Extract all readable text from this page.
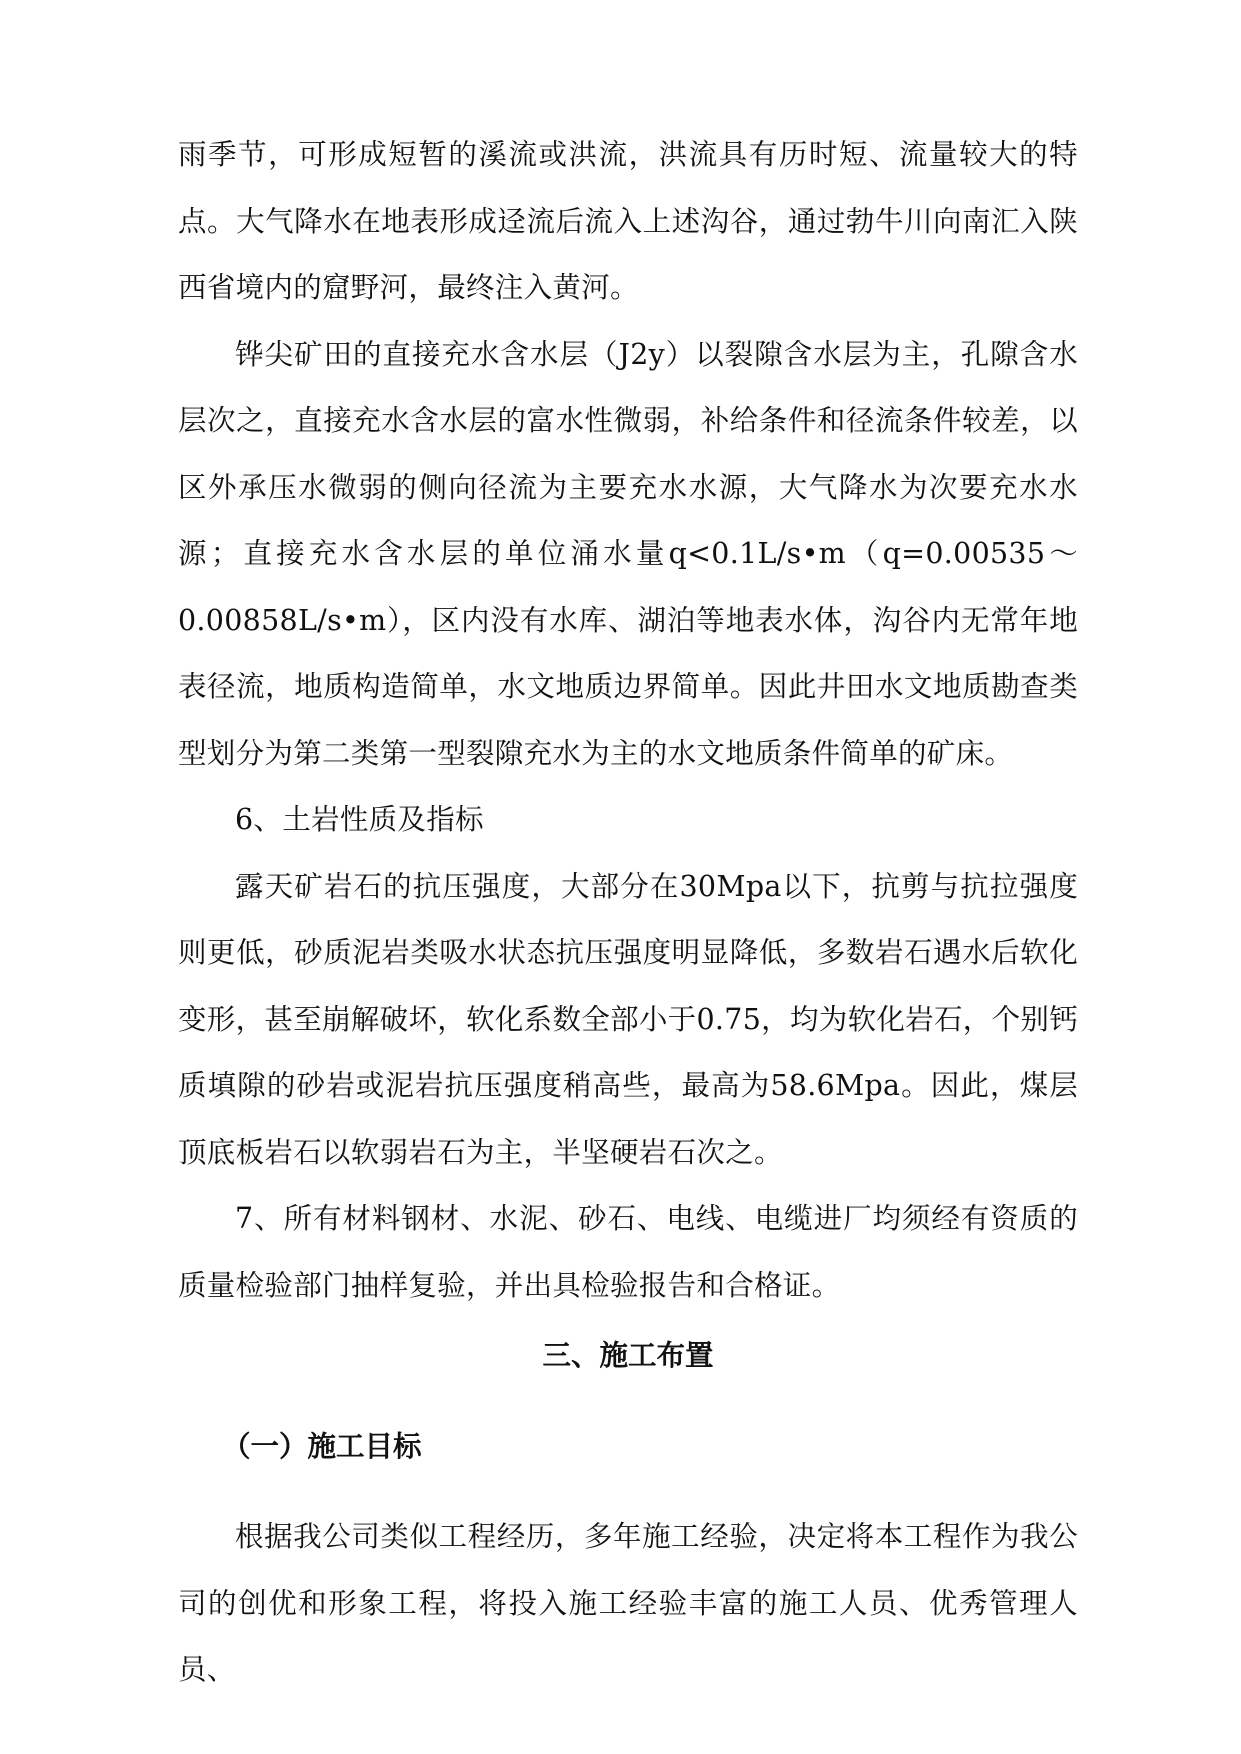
雨季节，可形成短暂的溪流或洪流，洪流具有历时短、流量较大的特点。大气降水在地表形成迳流后流入上述沟谷，通过勃牛川向南汇入陕西省境内的窟野河，最终注入黄河。

铧尖矿田的直接充水含水层（J2y）以裂隙含水层为主，孔隙含水层次之，直接充水含水层的富水性微弱，补给条件和径流条件较差，以区外承压水微弱的侧向径流为主要充水水源，大气降水为次要充水水源；直接充水含水层的单位涌水量q<0.1L/s•m（q=0.00535～0.00858L/s•m），区内没有水库、湖泊等地表水体，沟谷内无常年地表径流，地质构造简单，水文地质边界简单。因此井田水文地质勘查类型划分为第二类第一型裂隙充水为主的水文地质条件简单的矿床。

6、土岩性质及指标

露天矿岩石的抗压强度，大部分在30Mpa以下，抗剪与抗拉强度则更低，砂质泥岩类吸水状态抗压强度明显降低，多数岩石遇水后软化变形，甚至崩解破坏，软化系数全部小于0.75，均为软化岩石，个别钙质填隙的砂岩或泥岩抗压强度稍高些，最高为58.6Mpa。因此，煤层顶底板岩石以软弱岩石为主，半坚硬岩石次之。

7、所有材料钢材、水泥、砂石、电线、电缆进厂均须经有资质的质量检验部门抽样复验，并出具检验报告和合格证。

三、施工布置
（一）施工目标

根据我公司类似工程经历，多年施工经验，决定将本工程作为我公司的创优和形象工程，将投入施工经验丰富的施工人员、优秀管理人员、
